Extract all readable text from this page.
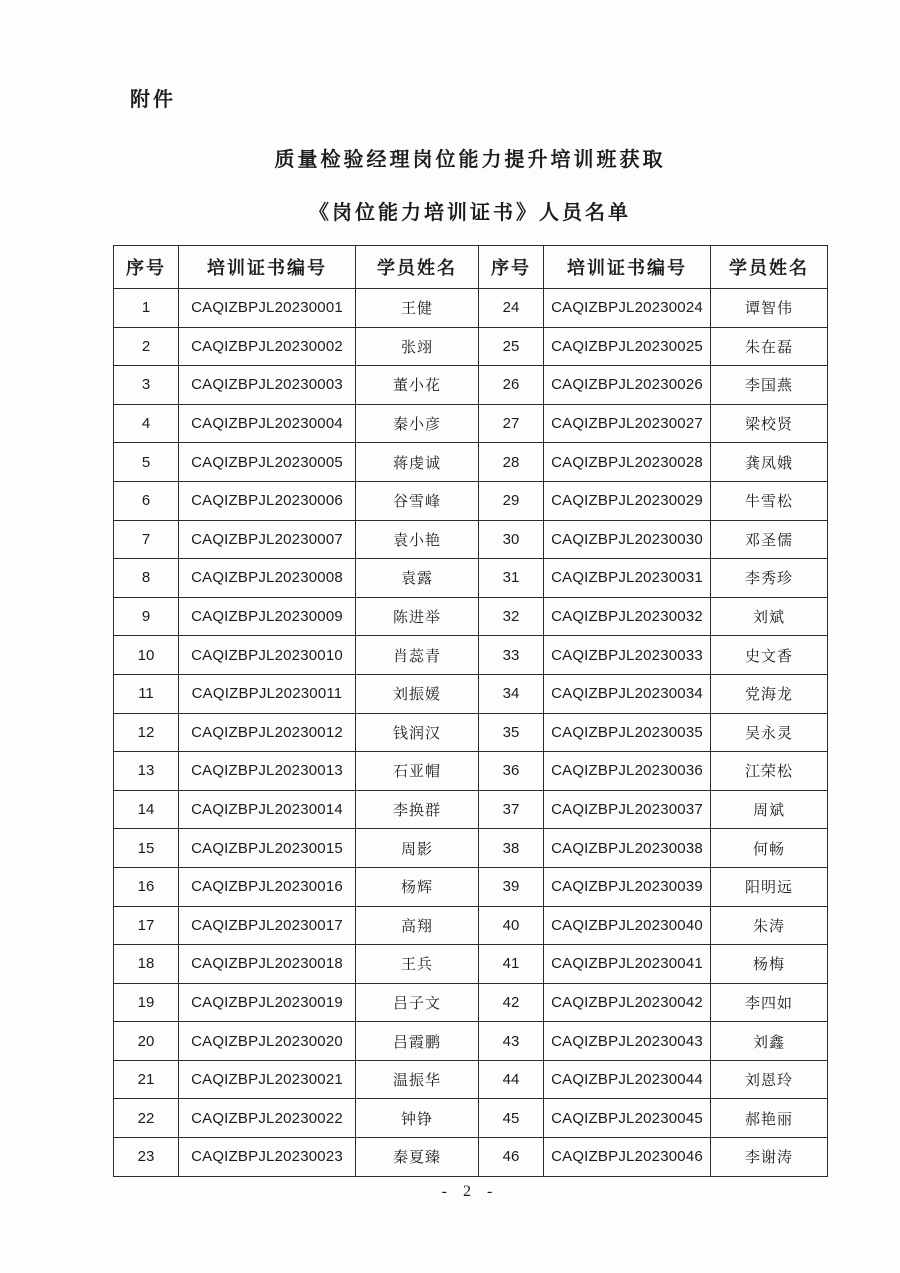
附件
质量检验经理岗位能力提升培训班获取
《岗位能力培训证书》人员名单
序号	培训证书编号	学员姓名	序号	培训证书编号	学员姓名
1	CAQIZBPJL20230001	王健	24	CAQIZBPJL20230024	谭智伟
2	CAQIZBPJL20230002	张翊	25	CAQIZBPJL20230025	朱在磊
3	CAQIZBPJL20230003	董小花	26	CAQIZBPJL20230026	李国燕
4	CAQIZBPJL20230004	秦小彦	27	CAQIZBPJL20230027	梁校贤
5	CAQIZBPJL20230005	蒋虔诚	28	CAQIZBPJL20230028	龚凤娥
6	CAQIZBPJL20230006	谷雪峰	29	CAQIZBPJL20230029	牛雪松
7	CAQIZBPJL20230007	袁小艳	30	CAQIZBPJL20230030	邓圣儒
8	CAQIZBPJL20230008	袁露	31	CAQIZBPJL20230031	李秀珍
9	CAQIZBPJL20230009	陈进举	32	CAQIZBPJL20230032	刘斌
10	CAQIZBPJL20230010	肖蕊青	33	CAQIZBPJL20230033	史文香
11	CAQIZBPJL20230011	刘振媛	34	CAQIZBPJL20230034	党海龙
12	CAQIZBPJL20230012	钱润汉	35	CAQIZBPJL20230035	吴永灵
13	CAQIZBPJL20230013	石亚帽	36	CAQIZBPJL20230036	江荣松
14	CAQIZBPJL20230014	李换群	37	CAQIZBPJL20230037	周斌
15	CAQIZBPJL20230015	周影	38	CAQIZBPJL20230038	何畅
16	CAQIZBPJL20230016	杨辉	39	CAQIZBPJL20230039	阳明远
17	CAQIZBPJL20230017	高翔	40	CAQIZBPJL20230040	朱涛
18	CAQIZBPJL20230018	王兵	41	CAQIZBPJL20230041	杨梅
19	CAQIZBPJL20230019	吕子文	42	CAQIZBPJL20230042	李四如
20	CAQIZBPJL20230020	吕霞鹏	43	CAQIZBPJL20230043	刘鑫
21	CAQIZBPJL20230021	温振华	44	CAQIZBPJL20230044	刘恩玲
22	CAQIZBPJL20230022	钟铮	45	CAQIZBPJL20230045	郝艳丽
23	CAQIZBPJL20230023	秦夏臻	46	CAQIZBPJL20230046	李谢涛
- 2 -
